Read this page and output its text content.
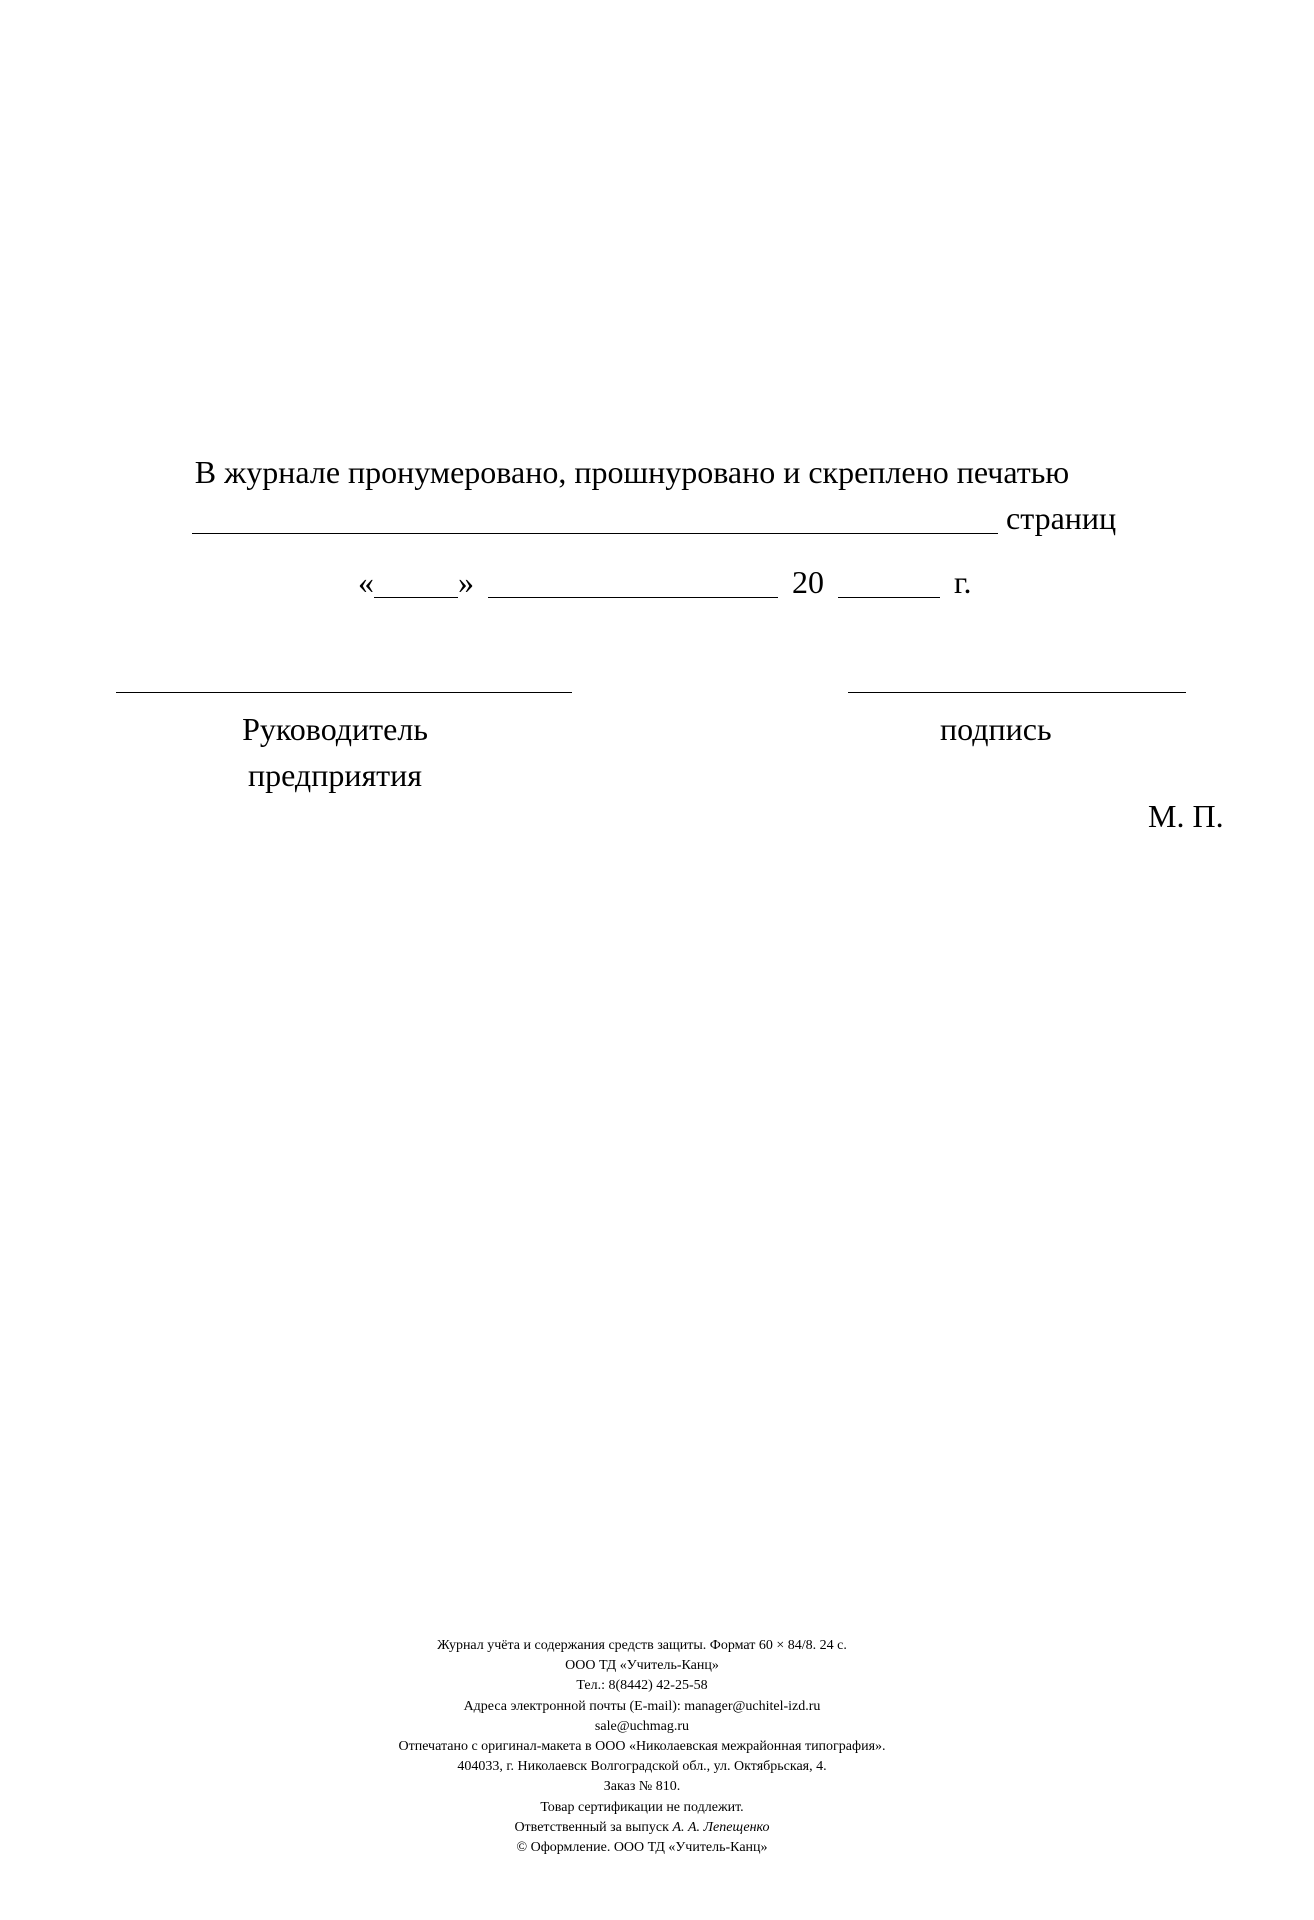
В журнале пронумеровано, прошнуровано и скреплено печатью
страниц
«	»	20	г.
Руководитель предприятия
подпись
М. П.
Журнал учёта и содержания средств защиты. Формат 60 × 84/8. 24 с.
ООО ТД «Учитель-Канц»
Тел.: 8(8442) 42-25-58
Адреса электронной почты (E-mail): manager@uchitel-izd.ru
sale@uchmag.ru
Отпечатано с оригинал-макета в ООО «Николаевская межрайонная типография».
404033, г. Николаевск Волгоградской обл., ул. Октябрьская, 4.
Заказ № 810.
Товар сертификации не подлежит.
Ответственный за выпуск А. А. Лепещенко
© Оформление. ООО ТД «Учитель-Канц»
